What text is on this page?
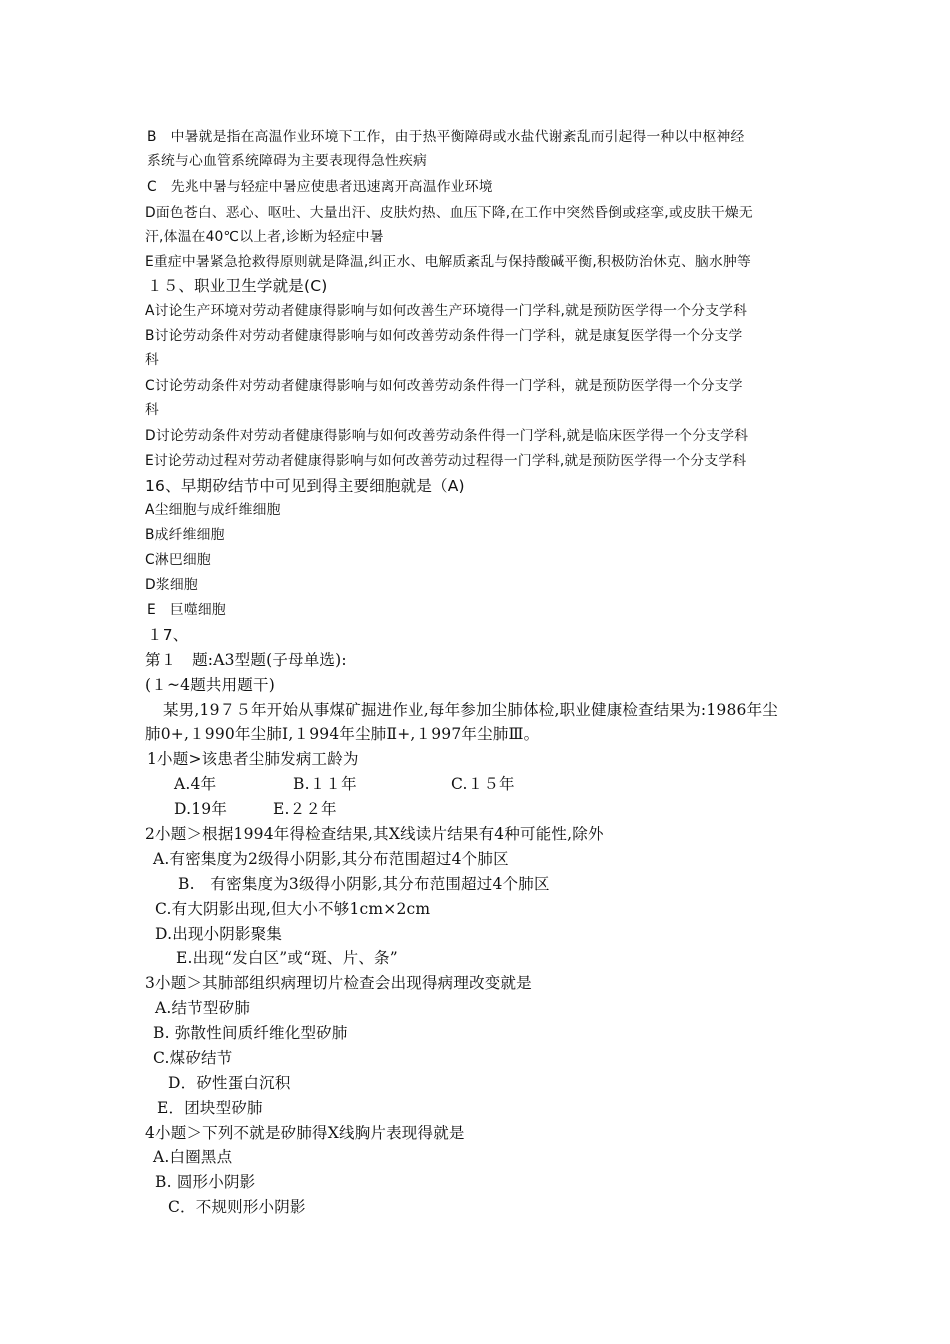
B　中暑就是指在高温作业环境下工作，由于热平衡障碍或水盐代谢紊乱而引起得一种以中枢神经
系统与心血管系统障碍为主要表现得急性疾病
C　先兆中暑与轻症中暑应使患者迅速离开高温作业环境
D面色苍白、恶心、呕吐、大量出汗、皮肤灼热、血压下降,在工作中突然昏倒或痉挛,或皮肤干燥无
汗,体温在40℃以上者,诊断为轻症中暑
E重症中暑紧急抢救得原则就是降温,纠正水、电解质紊乱与保持酸碱平衡,积极防治休克、脑水肿等
１５、职业卫生学就是(C)
A讨论生产环境对劳动者健康得影响与如何改善生产环境得一门学科,就是预防医学得一个分支学科
B讨论劳动条件对劳动者健康得影响与如何改善劳动条件得一门学科，就是康复医学得一个分支学
科
C讨论劳动条件对劳动者健康得影响与如何改善劳动条件得一门学科，就是预防医学得一个分支学
科
D讨论劳动条件对劳动者健康得影响与如何改善劳动条件得一门学科,就是临床医学得一个分支学科
E讨论劳动过程对劳动者健康得影响与如何改善劳动过程得一门学科,就是预防医学得一个分支学科
16、早期矽结节中可见到得主要细胞就是（A)
A尘细胞与成纤维细胞
B成纤维细胞
C淋巴细胞
D浆细胞
E　巨噬细胞
１7、
第１　题:A3型题(子母单选):
(１~4题共用题干)
某男,19７５年开始从事煤矿掘进作业,每年参加尘肺体检,职业健康检查结果为:1986年尘
肺0+,１990年尘肺Ⅰ,１994年尘肺Ⅱ+,１997年尘肺Ⅲ。
1小题>该患者尘肺发病工龄为
A.4年	B.１１年	C.１５年
D.19年	E.２２年
2小题＞根据1994年得检查结果,其X线读片结果有4种可能性,除外
A.有密集度为2级得小阴影,其分布范围超过4个肺区
B.　有密集度为3级得小阴影,其分布范围超过4个肺区
C.有大阴影出现,但大小不够1cm×2cm
D.出现小阴影聚集
E.出现“发白区”或“斑、片、条”
3小题＞其肺部组织病理切片检查会出现得病理改变就是
A.结节型矽肺
B. 弥散性间质纤维化型矽肺
C.煤矽结节
D．矽性蛋白沉积
E．团块型矽肺
4小题＞下列不就是矽肺得X线胸片表现得就是
A.白圈黑点
B. 圆形小阴影
C．不规则形小阴影
